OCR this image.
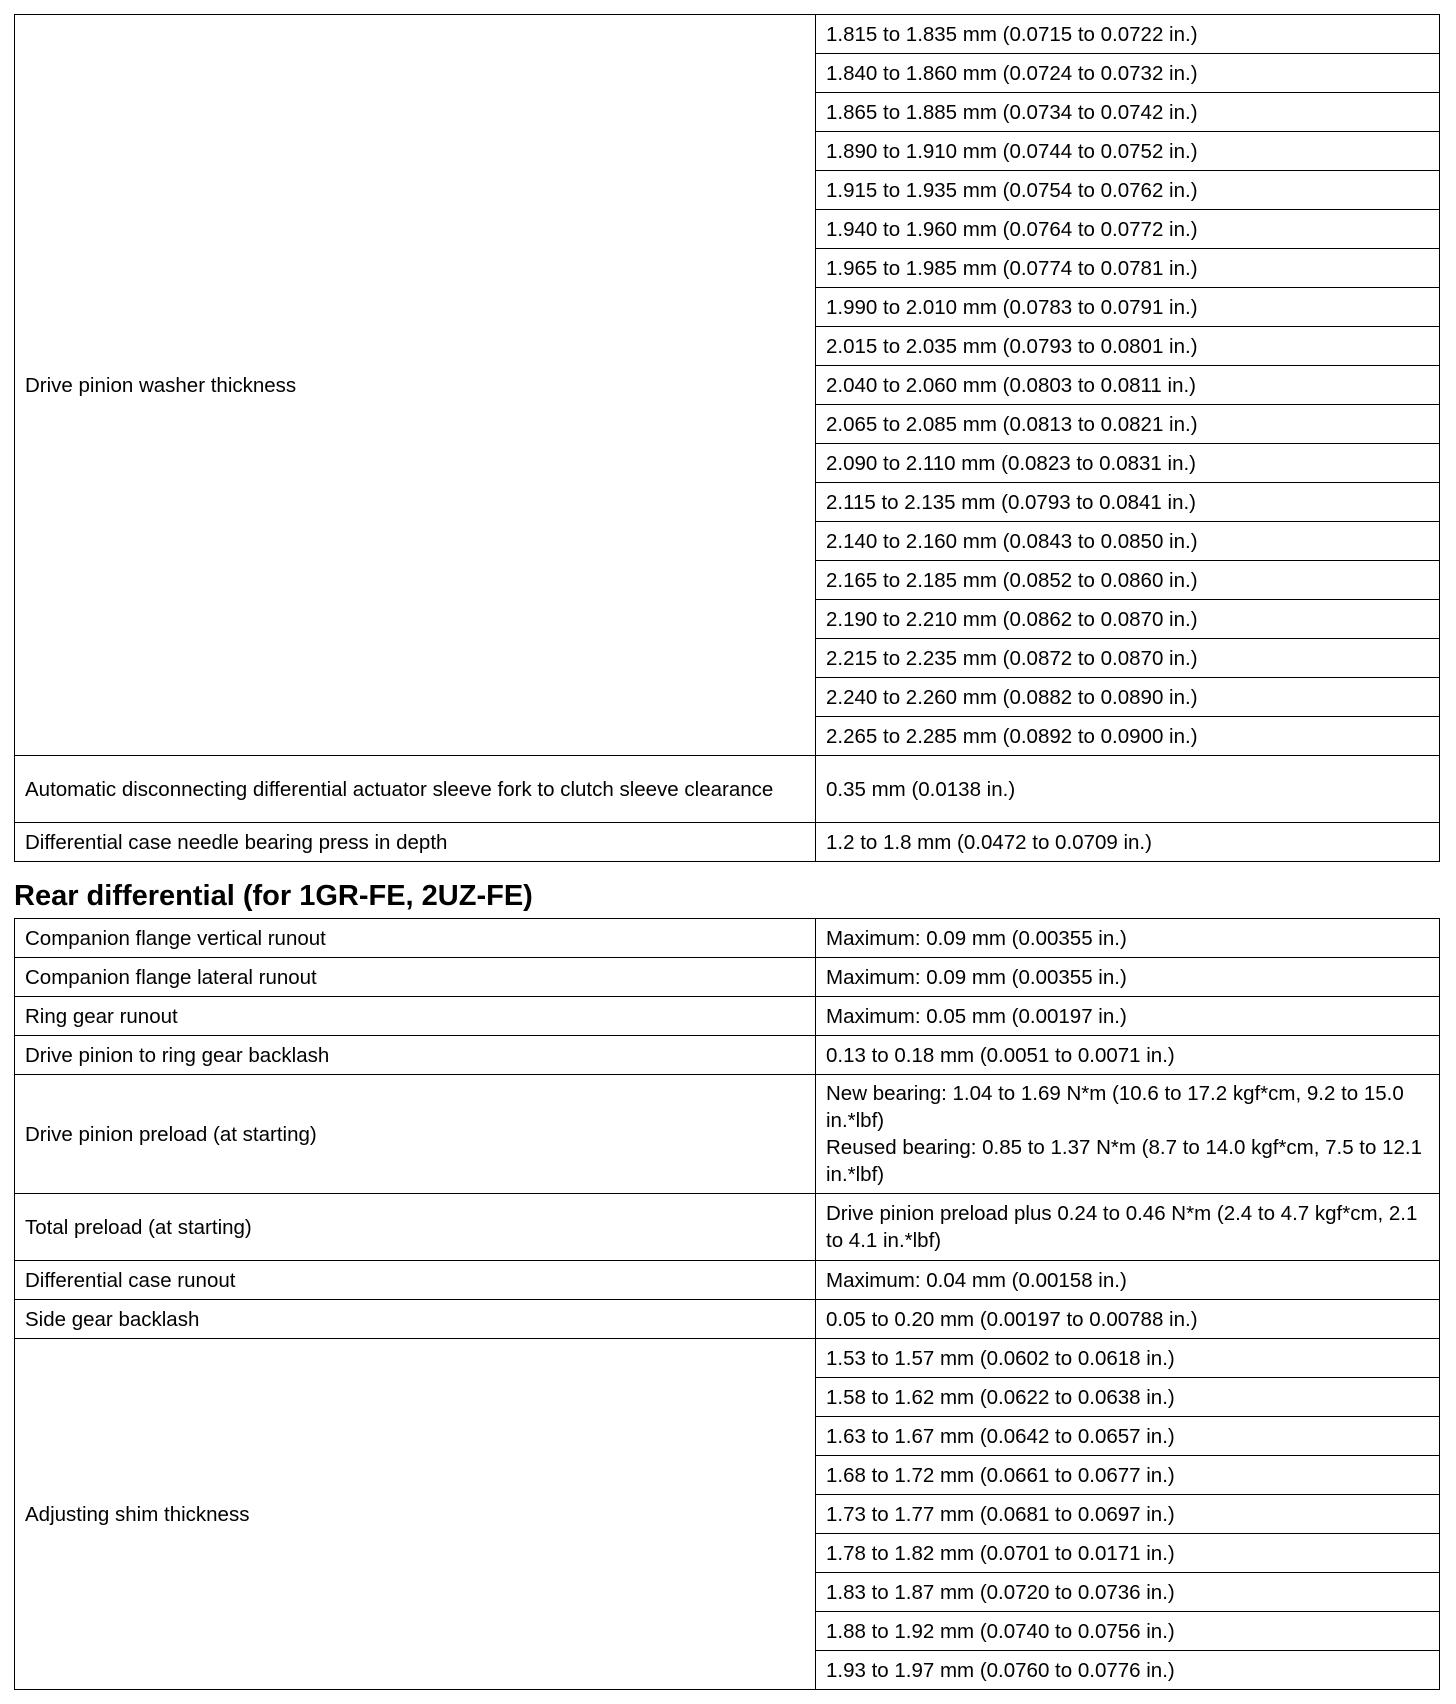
Drive pinion washer thickness	1.815 to 1.835 mm (0.0715 to 0.0722 in.)
	1.840 to 1.860 mm (0.0724 to 0.0732 in.)
	1.865 to 1.885 mm (0.0734 to 0.0742 in.)
	1.890 to 1.910 mm (0.0744 to 0.0752 in.)
	1.915 to 1.935 mm (0.0754 to 0.0762 in.)
	1.940 to 1.960 mm (0.0764 to 0.0772 in.)
	1.965 to 1.985 mm (0.0774 to 0.0781 in.)
	1.990 to 2.010 mm (0.0783 to 0.0791 in.)
	2.015 to 2.035 mm (0.0793 to 0.0801 in.)
	2.040 to 2.060 mm (0.0803 to 0.0811 in.)
	2.065 to 2.085 mm (0.0813 to 0.0821 in.)
	2.090 to 2.110 mm (0.0823 to 0.0831 in.)
	2.115 to 2.135 mm (0.0793 to 0.0841 in.)
	2.140 to 2.160 mm (0.0843 to 0.0850 in.)
	2.165 to 2.185 mm (0.0852 to 0.0860 in.)
	2.190 to 2.210 mm (0.0862 to 0.0870 in.)
	2.215 to 2.235 mm (0.0872 to 0.0870 in.)
	2.240 to 2.260 mm (0.0882 to 0.0890 in.)
	2.265 to 2.285 mm (0.0892 to 0.0900 in.)
Automatic disconnecting differential actuator sleeve fork to clutch sleeve clearance	0.35 mm (0.0138 in.)
Differential case needle bearing press in depth	1.2 to 1.8 mm (0.0472 to 0.0709 in.)
Rear differential (for 1GR-FE, 2UZ-FE)
Companion flange vertical runout	Maximum: 0.09 mm (0.00355 in.)
Companion flange lateral runout	Maximum: 0.09 mm (0.00355 in.)
Ring gear runout	Maximum: 0.05 mm (0.00197 in.)
Drive pinion to ring gear backlash	0.13 to 0.18 mm (0.0051 to 0.0071 in.)
Drive pinion preload (at starting)	New bearing: 1.04 to 1.69 N*m (10.6 to 17.2 kgf*cm, 9.2 to 15.0 in.*lbf)
Reused bearing: 0.85 to 1.37 N*m (8.7 to 14.0 kgf*cm, 7.5 to 12.1 in.*lbf)

Total preload (at starting)	Drive pinion preload plus 0.24 to 0.46 N*m (2.4 to 4.7 kgf*cm, 2.1 to 4.1 in.*lbf)
Differential case runout	Maximum: 0.04 mm (0.00158 in.)
Side gear backlash	0.05 to 0.20 mm (0.00197 to 0.00788 in.)
Adjusting shim thickness	1.53 to 1.57 mm (0.0602 to 0.0618 in.)
	1.58 to 1.62 mm (0.0622 to 0.0638 in.)
	1.63 to 1.67 mm (0.0642 to 0.0657 in.)
	1.68 to 1.72 mm (0.0661 to 0.0677 in.)
	1.73 to 1.77 mm (0.0681 to 0.0697 in.)
	1.78 to 1.82 mm (0.0701 to 0.0171 in.)
	1.83 to 1.87 mm (0.0720 to 0.0736 in.)
	1.88 to 1.92 mm (0.0740 to 0.0756 in.)
	1.93 to 1.97 mm (0.0760 to 0.0776 in.)
